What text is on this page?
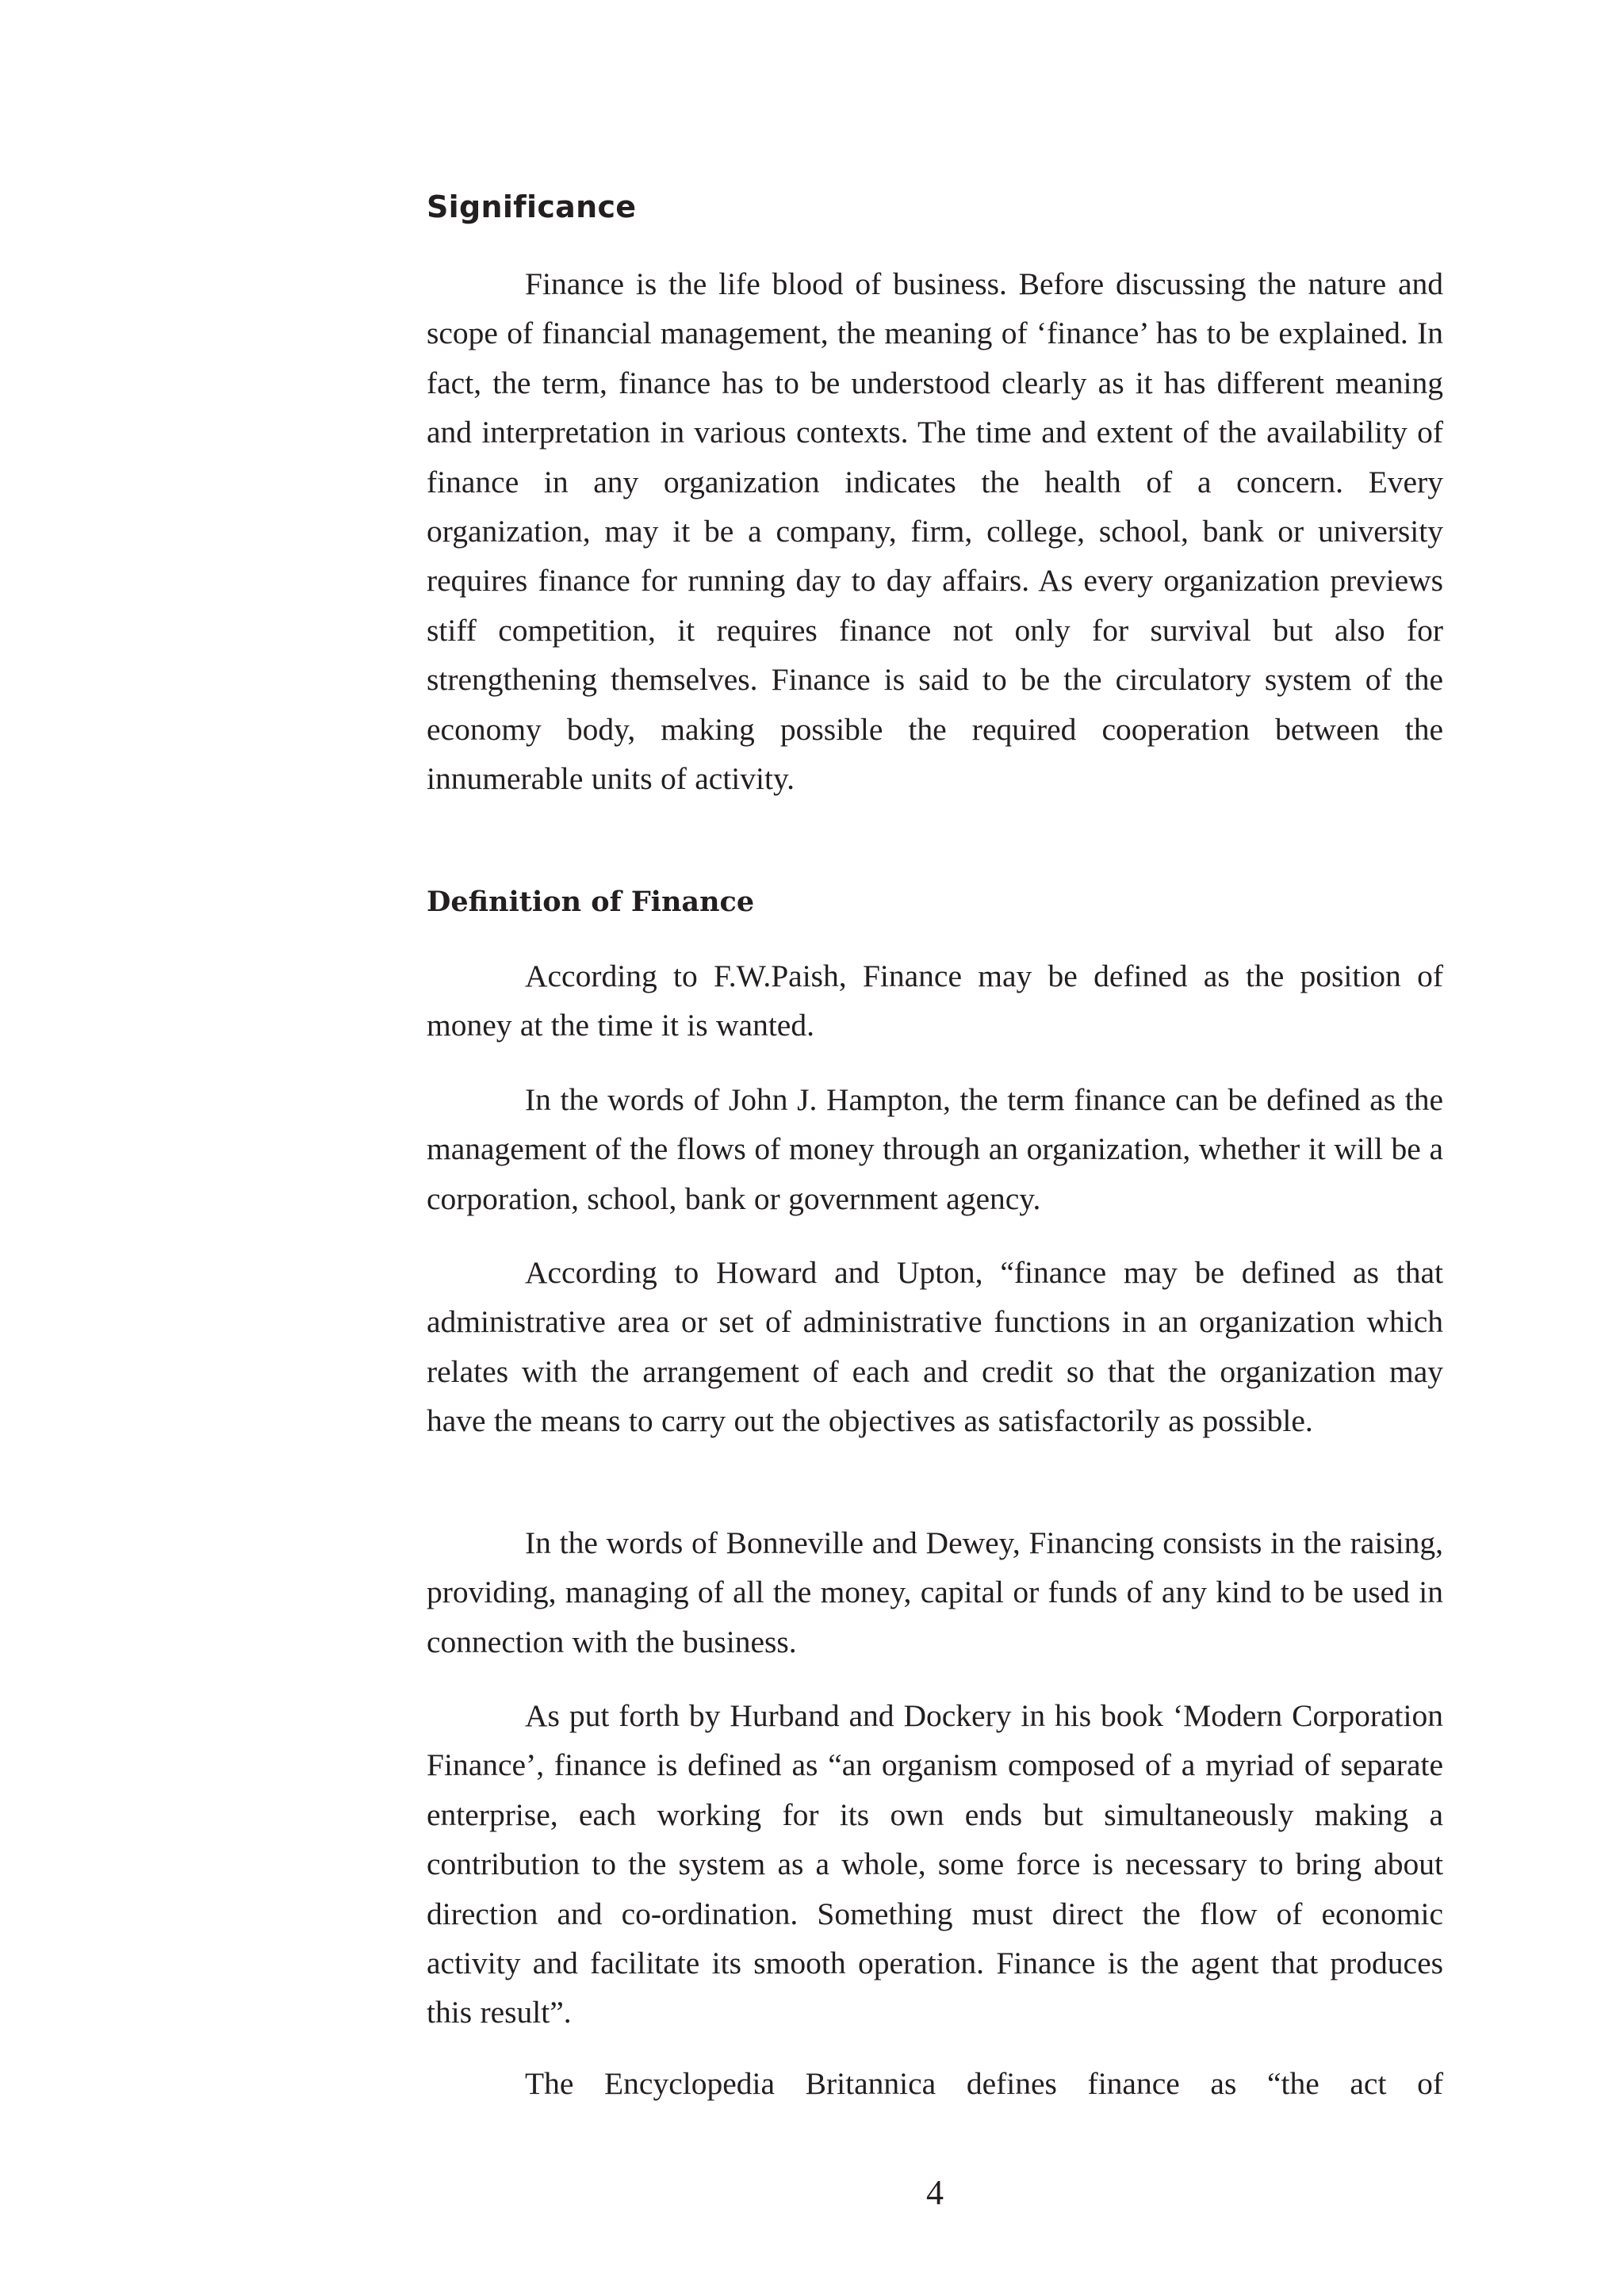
Significance

Finance is the life blood of business. Before discussing the nature and scope of financial management, the meaning of ‘finance’ has to be explained. In fact, the term, finance has to be understood clearly as it has different meaning and interpretation in various contexts. The time and extent of the availability of finance in any organization indicates the health of a concern. Every organization, may it be a company, firm, college, school, bank or university requires finance for running day to day affairs. As every organization previews stiff competition, it requires finance not only for survival but also for strengthening themselves. Finance is said to be the circulatory system of the economy body, making possible the required cooperation between the innumerable units of activity.

Definition of Finance

According to F.W.Paish, Finance may be defined as the position of money at the time it is wanted.

In the words of John J. Hampton, the term finance can be defined as the management of the flows of money through an organization, whether it will be a corporation, school, bank or government agency.

According to Howard and Upton, “finance may be defined as that administrative area or set of administrative functions in an organization which relates with the arrangement of each and credit so that the organization may have the means to carry out the objectives as satisfactorily as possible.

In the words of Bonneville and Dewey, Financing consists in the raising, providing, managing of all the money, capital or funds of any kind to be used in connection with the business.

As put forth by Hurband and Dockery in his book ‘Modern Corporation Finance’, finance is defined as “an organism composed of a myriad of separate enterprise, each working for its own ends but simultaneously making a contribution to the system as a whole, some force is necessary to bring about direction and co-ordination. Something must direct the flow of economic activity and facilitate its smooth operation. Finance is the agent that produces this result”.

The Encyclopedia Britannica defines finance as “the act of

4
